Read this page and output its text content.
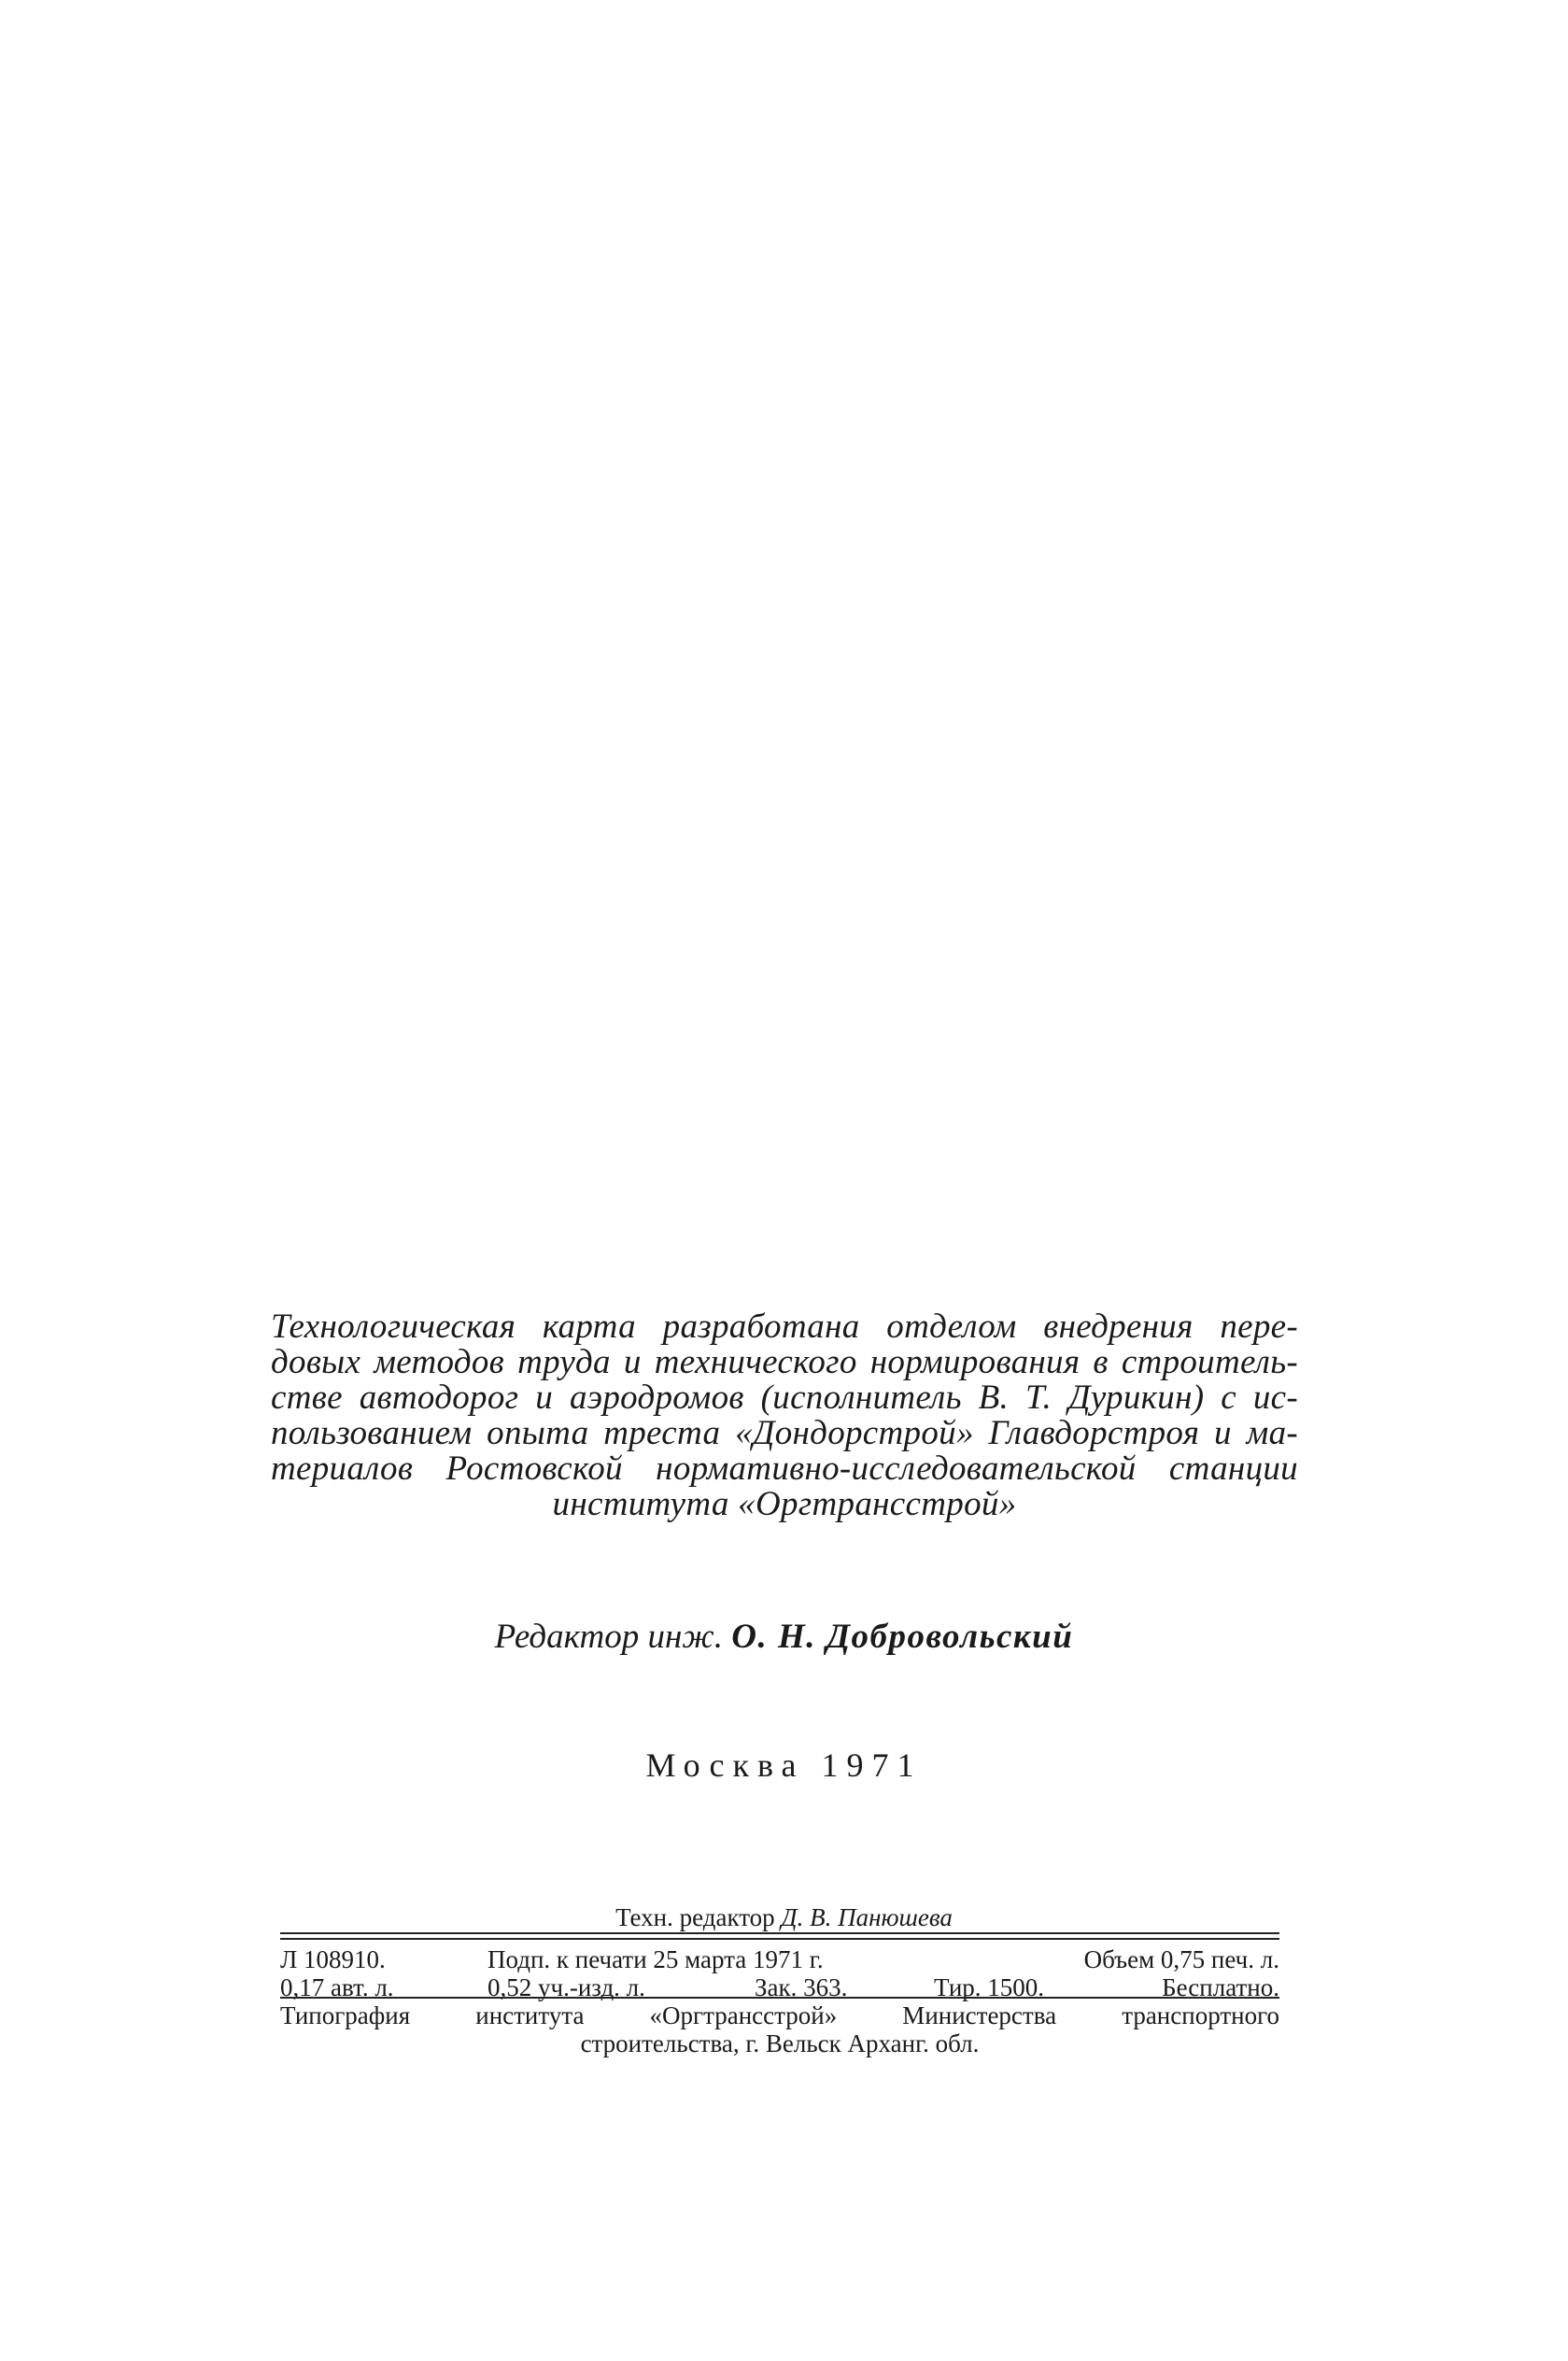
Технологическая карта разработана отделом внедрения пере-
довых методов труда и технического нормирования в строитель-
стве автодорог и аэродромов (исполнитель В. Т. Дурикин) с ис-
пользованием опыта треста «Дондорстрой» Главдорстроя и ма-
териалов Ростовской нормативно-исследовательской станции
института «Оргтрансстрой»
Редактор инж. О. Н. Добровольский
Москва 1971
Техн. редактор Д. В. Панюшева
Л 108910.	Подп. к печати 25 марта 1971 г.	Объем 0,75 печ. л.
0,17 авт. л.	0,52 уч.-изд. л.	Зак. 363.	Тир. 1500.	Бесплатно.
Типография института «Оргтрансстрой» Министерства транспортного
строительства, г. Вельск Арханг. обл.
